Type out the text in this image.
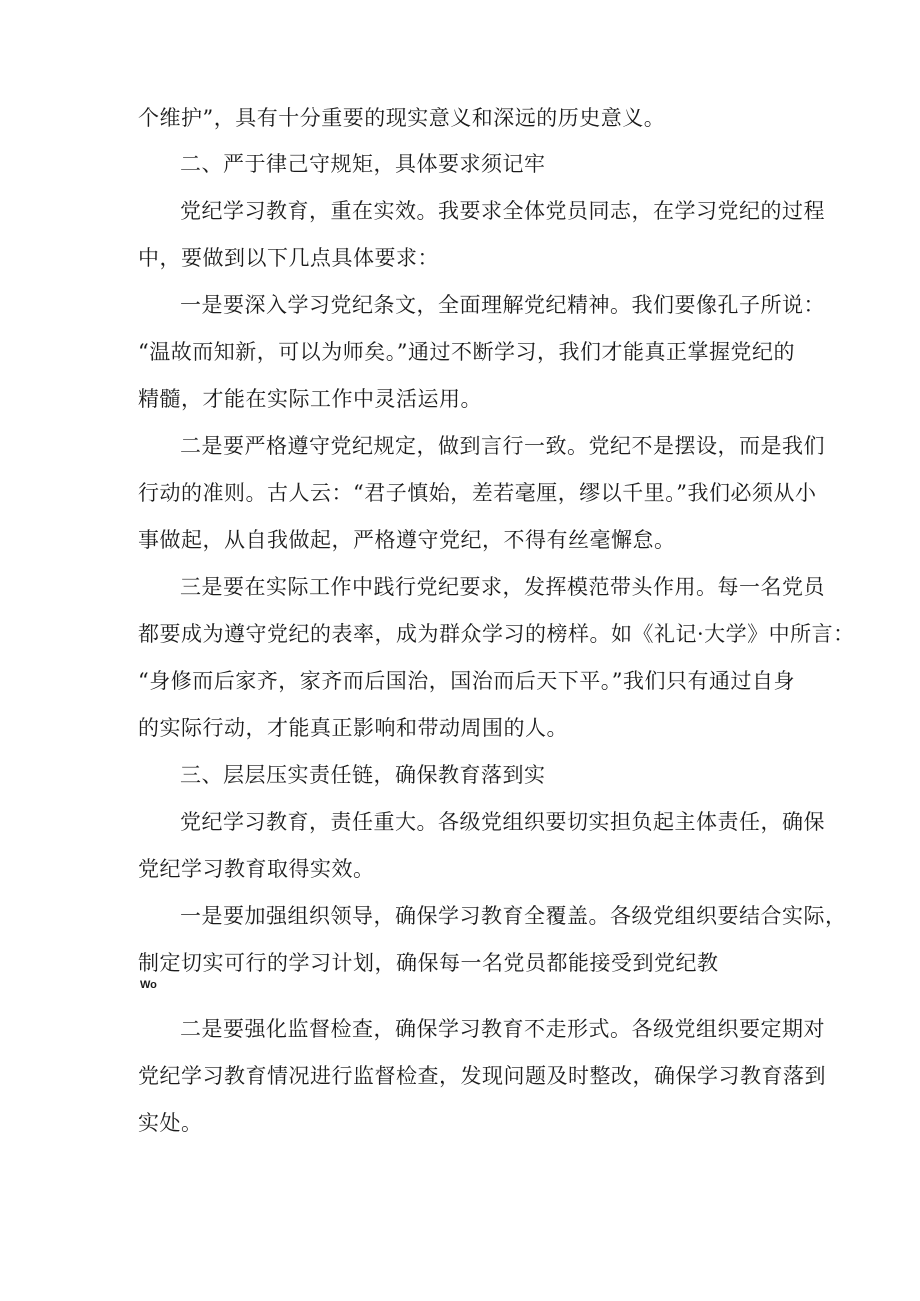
个维护”，具有十分重要的现实意义和深远的历史意义。
二、严于律己守规矩，具体要求须记牢
党纪学习教育，重在实效。我要求全体党员同志，在学习党纪的过程
中，要做到以下几点具体要求：
一是要深入学习党纪条文，全面理解党纪精神。我们要像孔子所说：
“温故而知新，可以为师矣。”通过不断学习，我们才能真正掌握党纪的
精髓，才能在实际工作中灵活运用。
二是要严格遵守党纪规定，做到言行一致。党纪不是摆设，而是我们
行动的准则。古人云：“君子慎始，差若毫厘，缪以千里。”我们必须从小
事做起，从自我做起，严格遵守党纪，不得有丝毫懈怠。
三是要在实际工作中践行党纪要求，发挥模范带头作用。每一名党员
都要成为遵守党纪的表率，成为群众学习的榜样。如《礼记·大学》中所言：
“身修而后家齐，家齐而后国治，国治而后天下平。”我们只有通过自身
的实际行动，才能真正影响和带动周围的人。
三、层层压实责任链，确保教育落到实
党纪学习教育，责任重大。各级党组织要切实担负起主体责任，确保
党纪学习教育取得实效。
一是要加强组织领导，确保学习教育全覆盖。各级党组织要结合实际，
制定切实可行的学习计划，确保每一名党员都能接受到党纪教
Wo
二是要强化监督检查，确保学习教育不走形式。各级党组织要定期对
党纪学习教育情况进行监督检查，发现问题及时整改，确保学习教育落到
实处。
